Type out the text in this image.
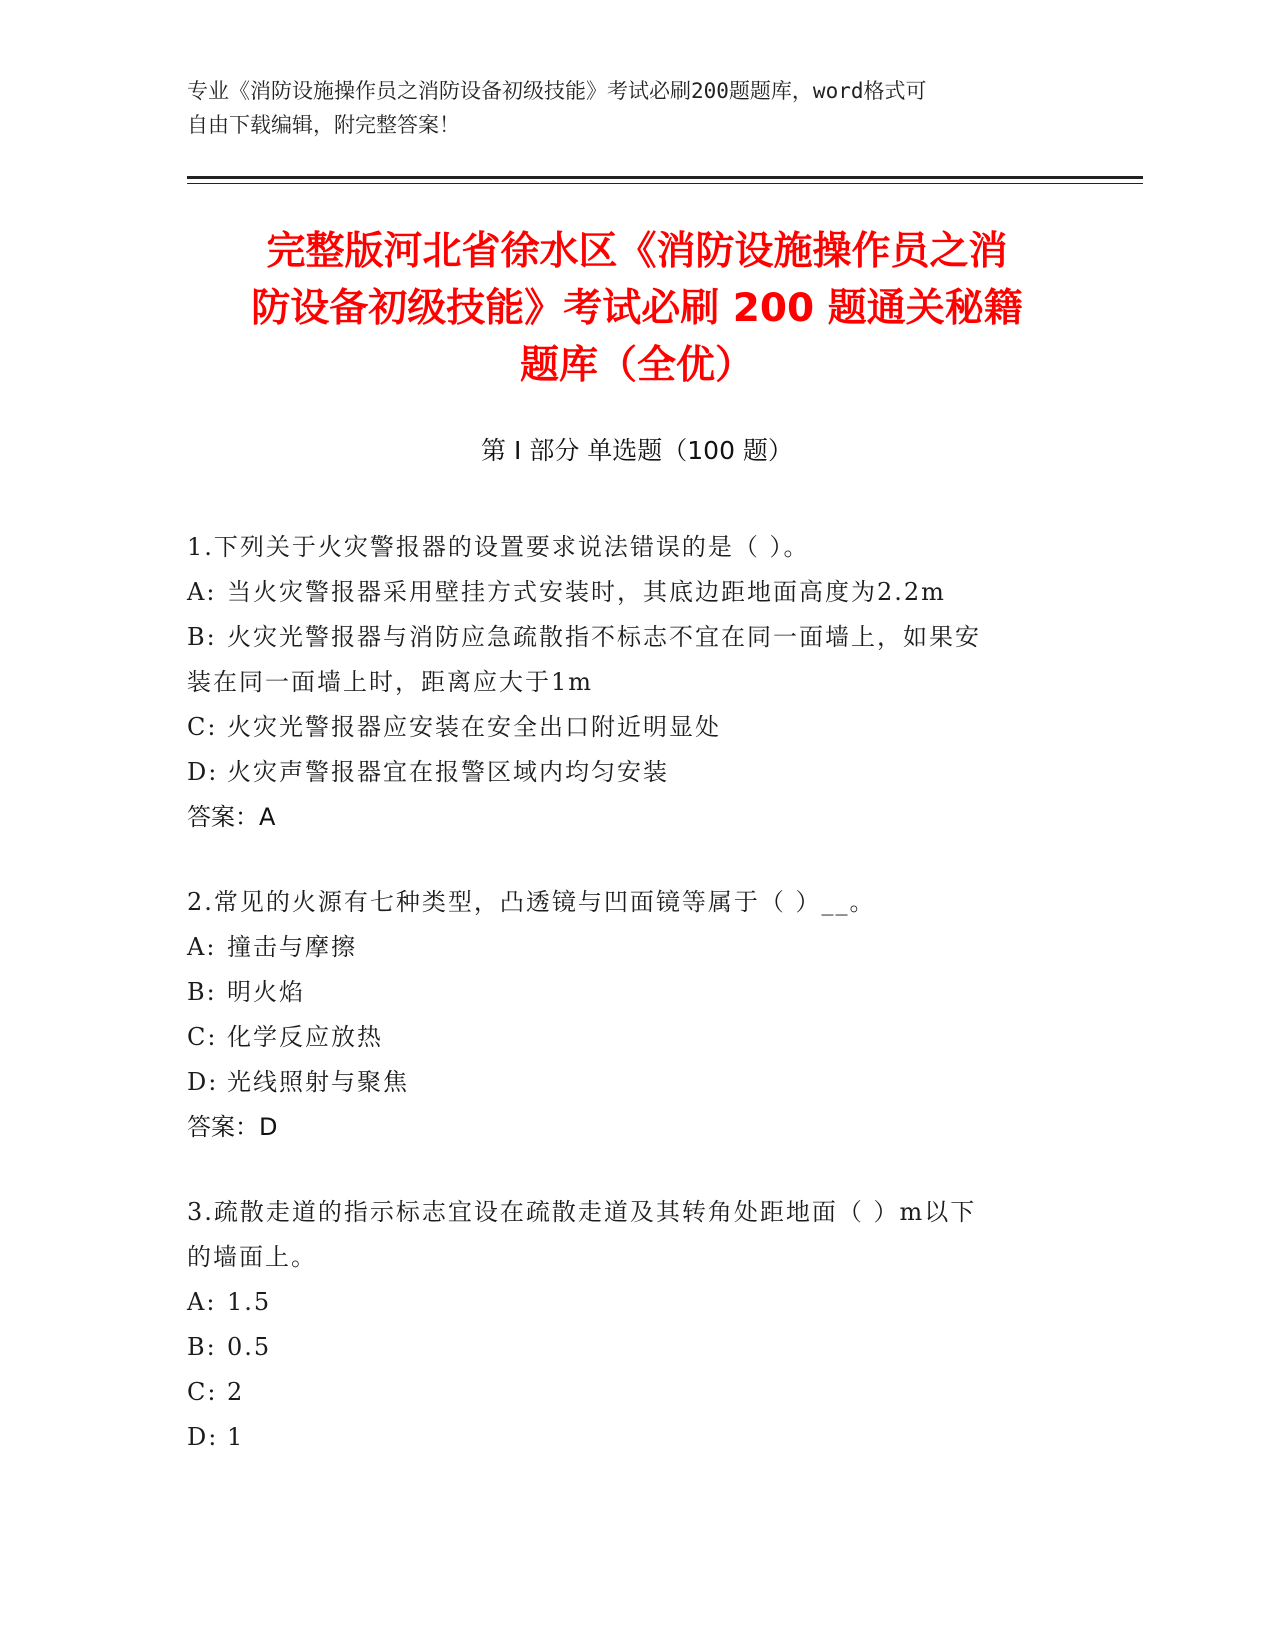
专业《消防设施操作员之消防设备初级技能》考试必刷200题题库，word格式可
自由下载编辑，附完整答案！
完整版河北省徐水区《消防设施操作员之消
防设备初级技能》考试必刷 200 题通关秘籍
题库（全优）
第 I 部分 单选题（100 题）
1.下列关于火灾警报器的设置要求说法错误的是（ ）。
A: 当火灾警报器采用壁挂方式安装时，其底边距地面高度为2.2m
B: 火灾光警报器与消防应急疏散指不标志不宜在同一面墙上，如果安
装在同一面墙上时，距离应大于1m
C: 火灾光警报器应安装在安全出口附近明显处
D: 火灾声警报器宜在报警区域内均匀安装
答案：A
2.常见的火源有七种类型，凸透镜与凹面镜等属于（ ）__。
A: 撞击与摩擦
B: 明火焰
C: 化学反应放热
D: 光线照射与聚焦
答案：D
3.疏散走道的指示标志宜设在疏散走道及其转角处距地面（ ）m以下
的墙面上。
A: 1.5
B: 0.5
C: 2
D: 1
